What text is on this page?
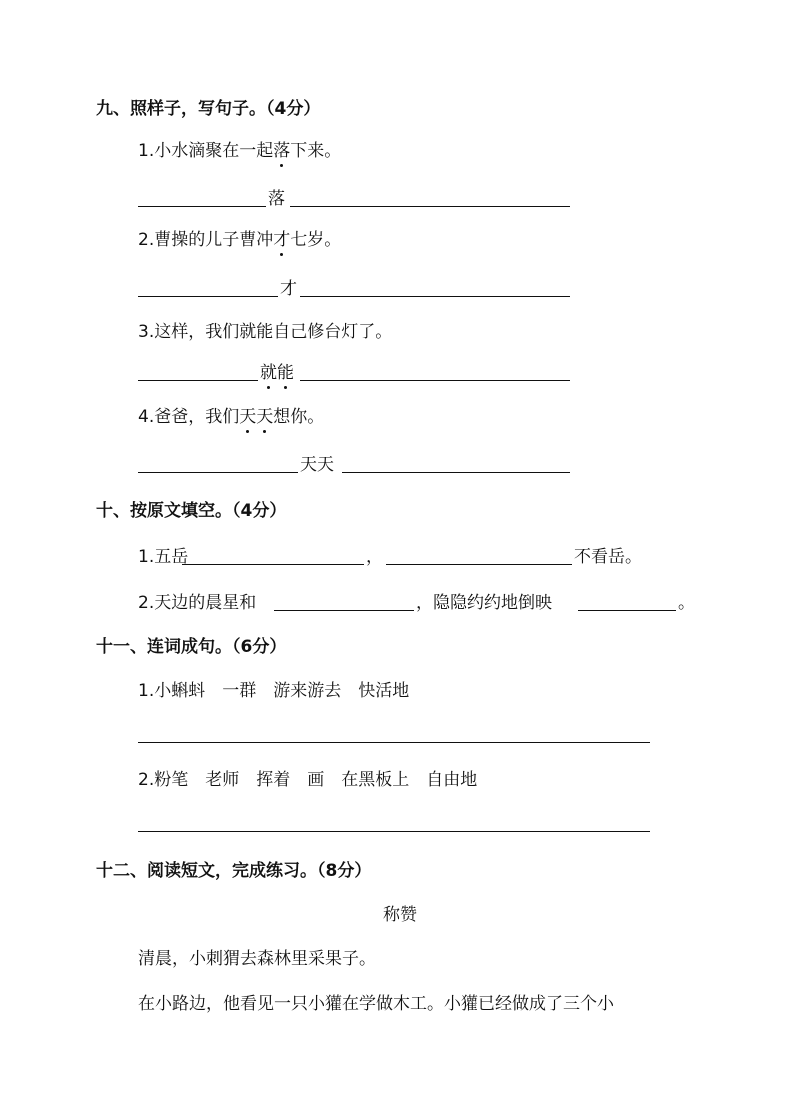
九、照样子，写句子。（4分）
1.小水滴聚在一起落下来。
落
2.曹操的儿子曹冲才七岁。
才
3.这样，我们就能自己修台灯了。
就能
4.爸爸，我们天天想你。
天天
十、按原文填空。（4分）
1.五岳	，	不看岳。
2.天边的晨星和	，隐隐约约地倒映	。
十一、连词成句。（6分）
1.小蝌蚪　一群　游来游去　快活地
2.粉笔　老师　挥着　画　在黑板上　自由地
十二、阅读短文，完成练习。（8分）
称赞
清晨，小刺猬去森林里采果子。
在小路边，他看见一只小獾在学做木工。小獾已经做成了三个小
